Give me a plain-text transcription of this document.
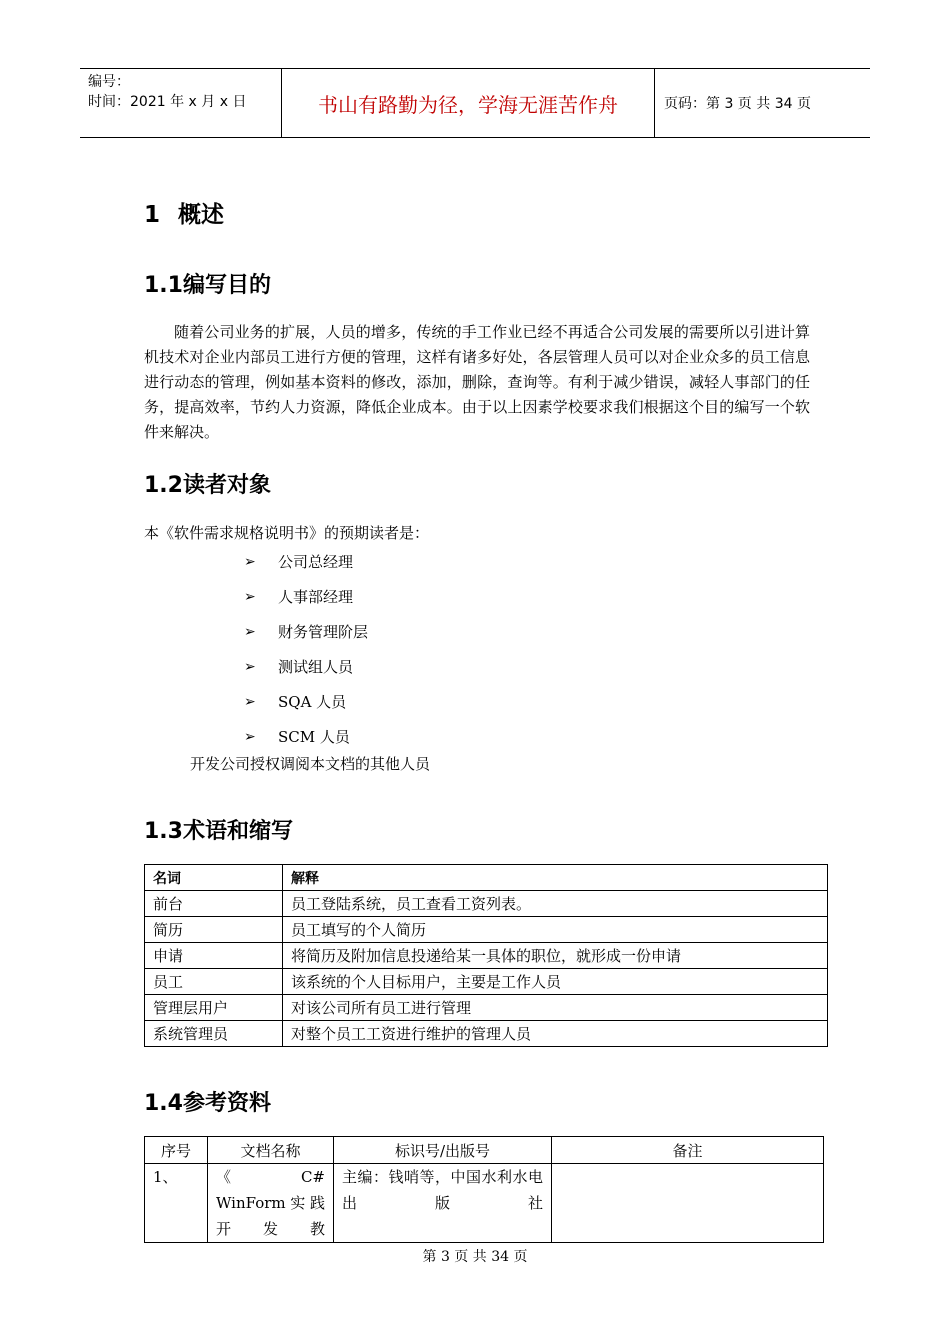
编号：
时间：2021 年 x 月 x 日	书山有路勤为径，学海无涯苦作舟	页码：第 3 页 共 34 页
1 概述
1.1编写目的
随着公司业务的扩展，人员的增多，传统的手工作业已经不再适合公司发展的需要所以引进计算机技术对企业内部员工进行方便的管理，这样有诸多好处，各层管理人员可以对企业众多的员工信息进行动态的管理，例如基本资料的修改，添加，删除，查询等。有利于减少错误，减轻人事部门的任务，提高效率，节约人力资源，降低企业成本。由于以上因素学校要求我们根据这个目的编写一个软件来解决。
1.2读者对象
本《软件需求规格说明书》的预期读者是：
➢	公司总经理
➢	人事部经理
➢	财务管理阶层
➢	测试组人员
➢	SQA 人员
➢	SCM 人员
开发公司授权调阅本文档的其他人员
1.3术语和缩写
名词	解释
前台	员工登陆系统，员工查看工资列表。
简历	员工填写的个人简历
申请	将简历及附加信息投递给某一具体的职位，就形成一份申请
员工	该系统的个人目标用户，主要是工作人员
管理层用户	对该公司所有员工进行管理
系统管理员	对整个员工工资进行维护的管理人员
1.4参考资料
序号	文档名称	标识号/出版号	备注
1、	《C# WinForm实践开发教	主编：钱哨等，中国水利水电出版社	
第 3 页 共 34 页
